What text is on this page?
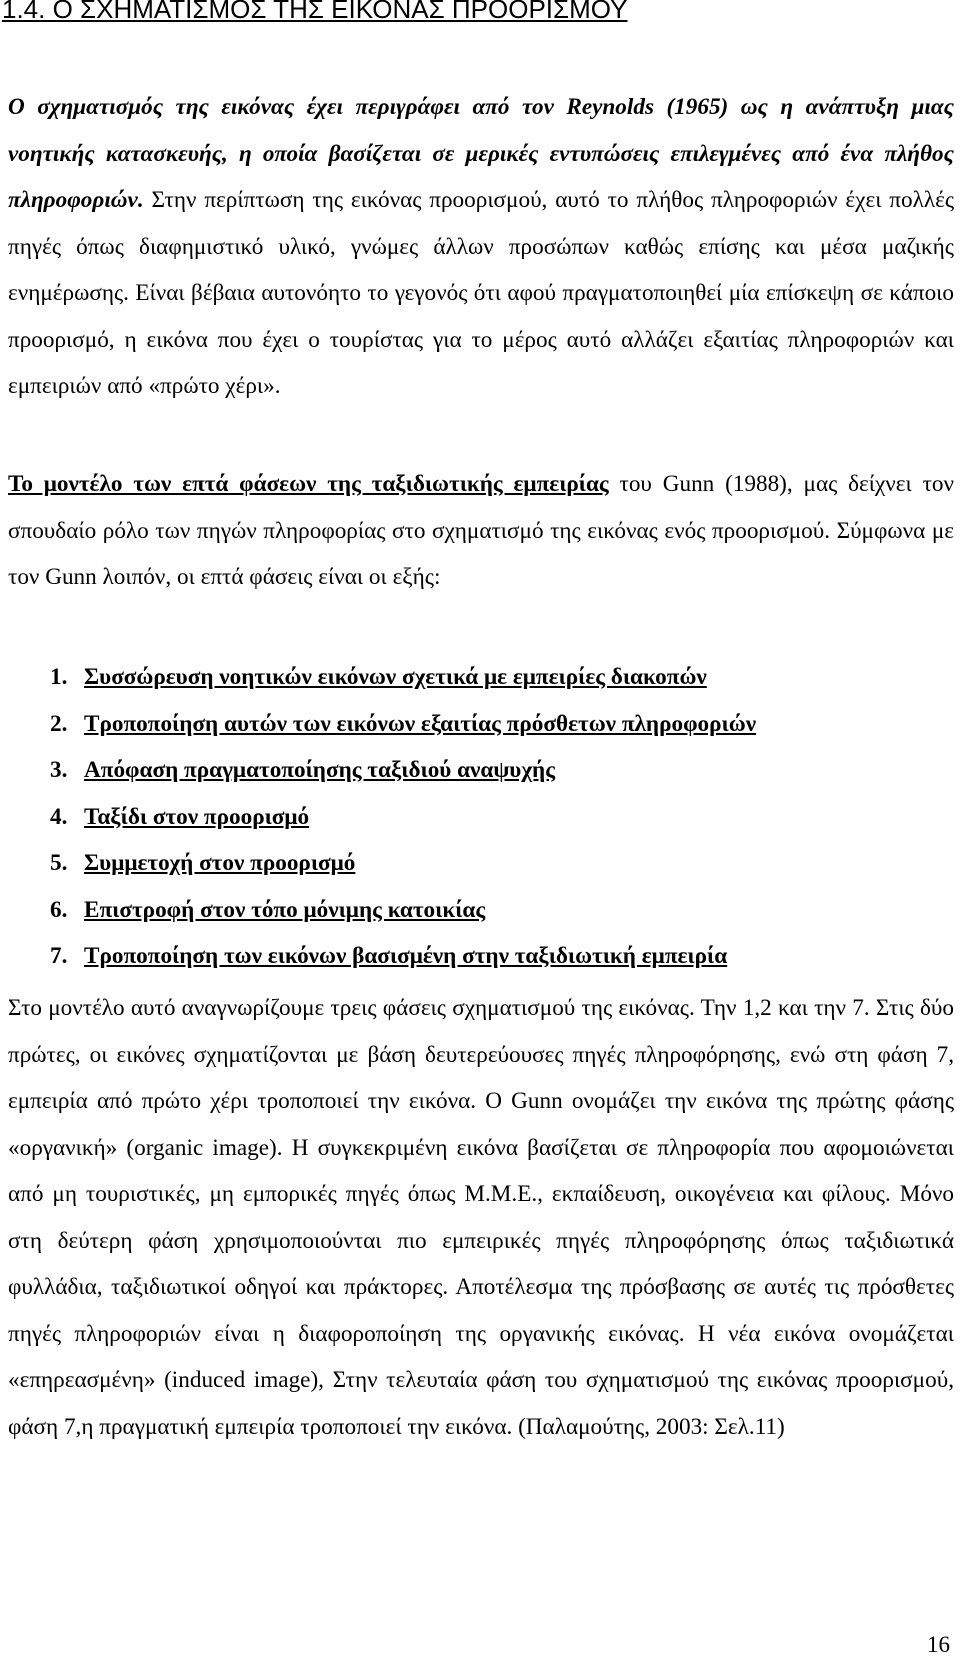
1.4. Ο ΣΧΗΜΑΤΙΣΜΟΣ ΤΗΣ ΕΙΚΟΝΑΣ ΠΡΟΟΡΙΣΜΟΥ

Ο σχηματισμός της εικόνας έχει περιγράφει από τον Reynolds (1965) ως η ανάπτυξη μιας νοητικής κατασκευής, η οποία βασίζεται σε μερικές εντυπώσεις επιλεγμένες από ένα πλήθος πληροφοριών. Στην περίπτωση της εικόνας προορισμού, αυτό το πλήθος πληροφοριών έχει πολλές πηγές όπως διαφημιστικό υλικό, γνώμες άλλων προσώπων καθώς επίσης και μέσα μαζικής ενημέρωσης. Είναι βέβαια αυτονόητο το γεγονός ότι αφού πραγματοποιηθεί μία επίσκεψη σε κάποιο προορισμό, η εικόνα που έχει ο τουρίστας για το μέρος αυτό αλλάζει εξαιτίας πληροφοριών και εμπειριών από «πρώτο χέρι».

Το μοντέλο των επτά φάσεων της ταξιδιωτικής εμπειρίας του Gunn (1988), μας δείχνει τον σπουδαίο ρόλο των πηγών πληροφορίας στο σχηματισμό της εικόνας ενός προορισμού. Σύμφωνα με τον Gunn λοιπόν, οι επτά φάσεις είναι οι εξής:

1. Συσσώρευση νοητικών εικόνων σχετικά με εμπειρίες διακοπών
2. Τροποποίηση αυτών των εικόνων εξαιτίας πρόσθετων πληροφοριών
3. Απόφαση πραγματοποίησης ταξιδιού αναψυχής
4. Ταξίδι στον προορισμό
5. Συμμετοχή στον προορισμό
6. Επιστροφή στον τόπο μόνιμης κατοικίας
7. Τροποποίηση των εικόνων βασισμένη στην ταξιδιωτική εμπειρία

Στο μοντέλο αυτό αναγνωρίζουμε τρεις φάσεις σχηματισμού της εικόνας. Την 1,2 και την 7. Στις δύο πρώτες, οι εικόνες σχηματίζονται με βάση δευτερεύουσες πηγές πληροφόρησης, ενώ στη φάση 7, εμπειρία από πρώτο χέρι τροποποιεί την εικόνα. Ο Gunn ονομάζει την εικόνα της πρώτης φάσης «οργανική» (organic image). Η συγκεκριμένη εικόνα βασίζεται σε πληροφορία που αφομοιώνεται από μη τουριστικές, μη εμπορικές πηγές όπως Μ.Μ.Ε., εκπαίδευση, οικογένεια και φίλους. Μόνο στη δεύτερη φάση χρησιμοποιούνται πιο εμπειρικές πηγές πληροφόρησης όπως ταξιδιωτικά φυλλάδια, ταξιδιωτικοί οδηγοί και πράκτορες. Αποτέλεσμα της πρόσβασης σε αυτές τις πρόσθετες πηγές πληροφοριών είναι η διαφοροποίηση της οργανικής εικόνας. Η νέα εικόνα ονομάζεται «επηρεασμένη» (induced image), Στην τελευταία φάση του σχηματισμού της εικόνας προορισμού, φάση 7,η πραγματική εμπειρία τροποποιεί την εικόνα. (Παλαμούτης, 2003: Σελ.11)

16
